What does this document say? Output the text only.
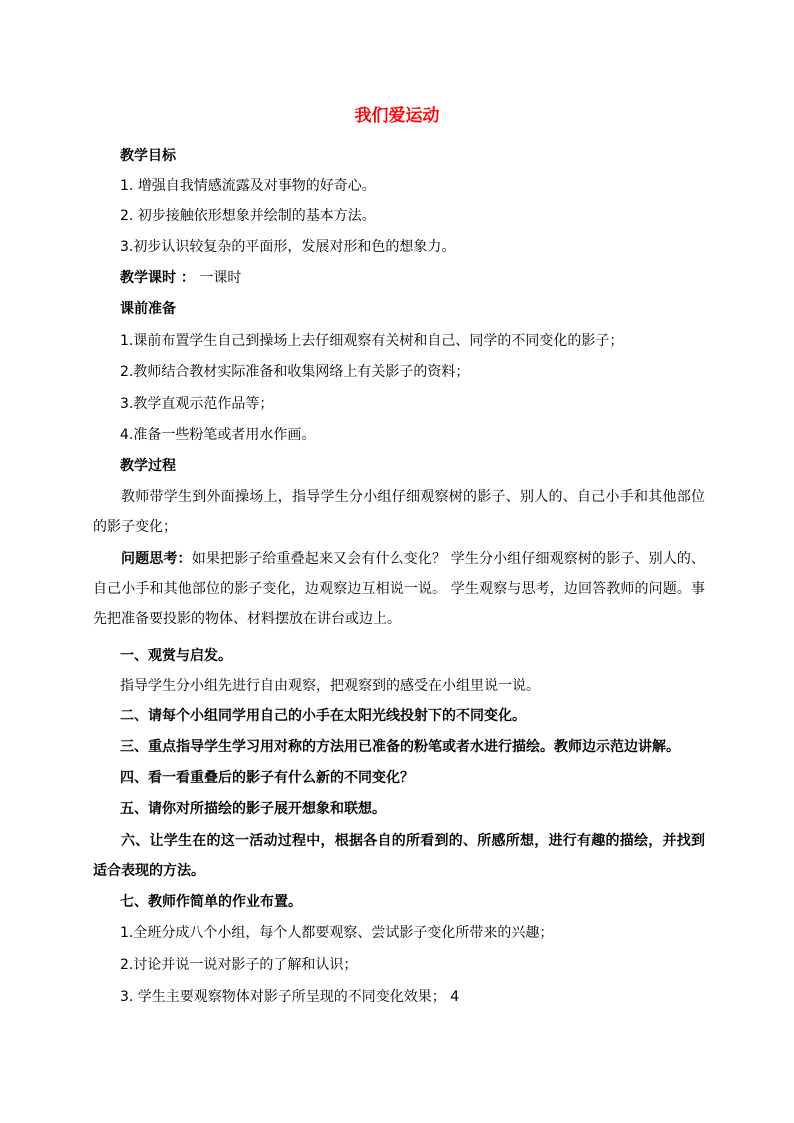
我们爱运动
教学目标
1. 增强自我情感流露及对事物的好奇心。
2. 初步接触依形想象并绘制的基本方法。
3.初步认识较复杂的平面形，发展对形和色的想象力。
教学课时 ： 一课时
课前准备
1.课前布置学生自己到操场上去仔细观察有关树和自己、同学的不同变化的影子；
2.教师结合教材实际准备和收集网络上有关影子的资料；
3.教学直观示范作品等；
4.准备一些粉笔或者用水作画。
教学过程
教师带学生到外面操场上，指导学生分小组仔细观察树的影子、别人的、自己小手和其他部位的影子变化；
问题思考：如果把影子给重叠起来又会有什么变化？ 学生分小组仔细观察树的影子、别人的、自己小手和其他部位的影子变化，边观察边互相说一说。 学生观察与思考，边回答教师的问题。事先把准备要投影的物体、材料摆放在讲台或边上。
一、观赏与启发。
指导学生分小组先进行自由观察，把观察到的感受在小组里说一说。
二、请每个小组同学用自己的小手在太阳光线投射下的不同变化。
三、重点指导学生学习用对称的方法用已准备的粉笔或者水进行描绘。教师边示范边讲解。
四、看一看重叠后的影子有什么新的不同变化？
五、请你对所描绘的影子展开想象和联想。
六、让学生在的这一活动过程中，根据各自的所看到的、所感所想，进行有趣的描绘，并找到适合表现的方法。
七、教师作简单的作业布置。
1.全班分成八个小组，每个人都要观察、尝试影子变化所带来的兴趣；
2.讨论并说一说对影子的了解和认识；
3. 学生主要观察物体对影子所呈现的不同变化效果； 4
